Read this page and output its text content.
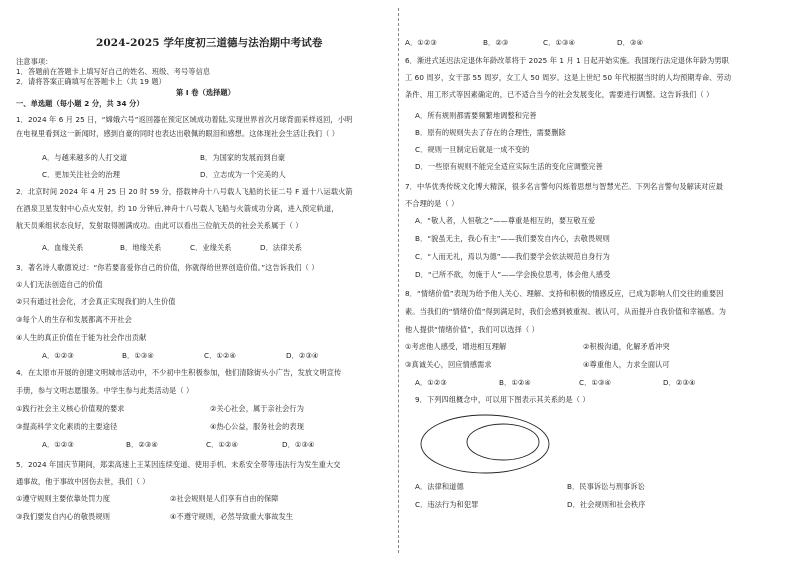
2024-2025 学年度初三道德与法治期中考试卷
注意事项：
1．答题前在答题卡上填写好自己的姓名、班级、考号等信息
2．请将答案正确填写在答题卡上（共 19 题）
第 I 卷（选择题）
一、单选题（每小题 2 分，共 34 分）
1．2024 年 6 月 25 日，“嫦娥六号”返回器在预定区域成功着陆,实现世界首次月球背面采样返回，小明
在电视里看到这一新闻时，感到自豪的同时也表达出敬佩的眼泪和感想。这体现社会生活让我们（ ）
A．与越来越多的人打交道	B．为国家的发展而到自豪
C．更加关注社会的治理	D．立志成为一个完美的人
2．北京时间 2024 年 4 月 25 日 20 时 59 分，搭载神舟十八号载人飞船的长征二号 F 遥十八运载火箭
在酒泉卫星发射中心点火发射，约 10 分钟后,神舟十八号载人飞船与火箭成功分离，进入预定轨道，
航天员乘组状态良好，发射取得圆满成功。由此可以看出三位航天员的社会关系属于（ ）
A．血缘关系	B．地缘关系	C．业缘关系	D．法律关系
3．著名诗人歌德说过：“你若要喜爱你自己的价值，你就得给世界创造价值。”这告诉我们（ ）
①人们无法创造自己的价值
②只有通过社会化，才会真正实现我们的人生价值
③每个人的生存和发展都离不开社会
④人生的真正价值在于能为社会作出贡献
A．①②③	B．①③④	C．①②④	D．②③④
4．在太原市开展的创建文明城市活动中，不少初中生积极参加，他们清除街头小广告，发放文明宣传
手册，参与文明志愿服务。中学生参与此类活动是（ ）
①践行社会主义核心价值观的要求	②关心社会，属于亲社会行为
③提高科学文化素质的主要途径	④热心公益，服务社会的表现
A．①②③	B．②③④	C．①②④	D．①③④
5．2024 年国庆节期间，郑栾高速上王某因连续变道、使用手机、未系安全带等违法行为发生重大交
通事故，他于事故中因伤去世，我们（ ）
①遵守规则主要依靠处罚力度	②社会规则是人们享有自由的保障
③我们要发自内心的敬畏规则	④不遵守规则，必然导致重大事故发生
A．①②③	B．②③	C．①③④	D．③④
6．渐进式延迟法定退休年龄改革将于 2025 年 1 月 1 日起开始实施。我国现行法定退休年龄为男职
工 60 周岁，女干部 55 周岁，女工人 50 周岁。这是上世纪 50 年代根据当时的人均预期寿命、劳动
条件、用工形式等因素确定的，已不适合当今的社会发展变化，需要进行调整。这告诉我们（ ）
A．所有规则都需要频繁地调整和完善
B．原有的规则失去了存在的合理性，需要删除
C．规则一旦制定后就是一成不变的
D．一些原有规则不能完全适应实际生活的变化应调整完善
7．中华优秀传统文化博大精深，很多名言警句闪烁着思想与智慧光芒。下列名言警句及解读对应最
不合理的是（ ）
A．“敬人者，人恒敬之”——尊重是相互的，要互敬互爱
B．“貌虽无主，我心有主”——我们要发自内心，去敬畏规则
C．“人而无礼，焉以为德”——我们要学会依法规范自身行为
D．“己所不欲，勿施于人”——学会换位思考，体会他人感受
8．“情绪价值”表现为给予他人关心、理解、支持和积极的情感反应，已成为影响人们交往的重要因
素。当我们的“情绪价值”得到满足时，我们会感到被重视、被认可，从而提升自我价值和幸福感。为
他人提供“情绪价值”，我们可以选择（ ）
①考虑他人感受，增进相互理解	②积极沟通，化解矛盾冲突
③真诚关心，回应情感需求	④尊重他人，力求全面认可
A．①②③	B．①②④	C．①③④	D．②③④
9．下列四组概念中，可以用下图表示其关系的是（ ）
A．法律和道德	B．民事诉讼与刑事诉讼
C．违法行为和犯罪	D．社会规则和社会秩序
